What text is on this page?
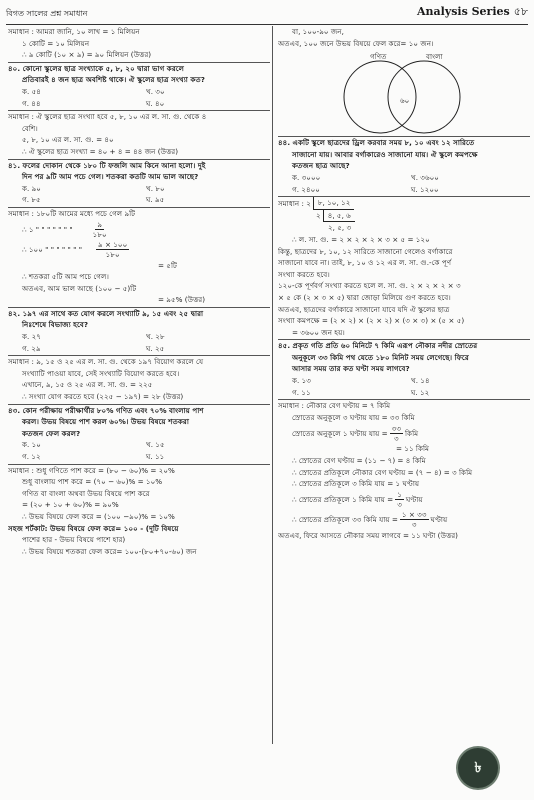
বিগত সালের প্রশ্ন সমাধান	Analysis Series ৫৮
সমাধান : আমরা জানি, ১০ লাখ = ১ মিলিয়ন
১ কোটি = ১০ মিলিয়ন
∴ ৯ কোটি (১০ × ৯) = ৯০ মিলিয়ন (উত্তর)
৪০. কোনো স্কুলের ছাত্র সংখ্যাকে ৫, ৮, ২০ দ্বারা ভাগ করলে
প্রতিবারই ৪ জন ছাত্র অবশিষ্ট থাকে। ঐ স্কুলের ছাত্র সংখ্যা কত?
ক. ৫৪	খ. ৩০
গ. ৪৪	ঘ. ৪০
সমাধান : ঐ স্কুলের ছাত্র সংখ্যা হবে ৫, ৮, ১০ এর ল. সা. গু. থেকে ৪
বেশি।
৫, ৮, ১০ এর ল. সা. গু. = ৪০
∴ ঐ স্কুলের ছাত্র সংখ্যা = ৪০ + ৪ = ৪৪ জন (উত্তর)
৪১. ফলের দোকান থেকে ১৮০ টি ফজলি আম কিনে আনা হলো। দুই
দিন পর ৯টি আম পচে গেল। শতকরা কতটি আম ভাল আছে?
ক. ৯০	খ. ৮০
গ. ৮৫	ঘ. ৯৫
সমাধান : ১৮০টি আমের মধ্যে পচে গেল ৯টি
∴ ১ " " " " " " "	$\frac{৯}{১৮০}$
∴ ১০০ " " " " " " " $\frac{৯ \times ১০০}{১৮০}$
= ৫টি
∴ শতকরা ৫টি আম পচে গেল।
অতএব, আম ভাল আছে (১০০ − ৫)টি
= ৯৫% (উত্তর)
৪২. ১৯৭ এর সাথে কত যোগ করলে সংখ্যাটি ৯, ১৫ এবং ২৫ দ্বারা
নিঃশেষে বিভাজ্য হবে?
ক. ২৭	খ. ২৮
গ. ২৯	ঘ. ২৫
সমাধান : ৯, ১৫ ও ২৫ এর ল. সা. গু. থেকে ১৯৭ বিয়োগ করলে যে
সংখ্যাটি পাওয়া যাবে, সেই সংখ্যাটি বিয়োগ করতে হবে।
এখানে, ৯, ১৫ ও ২৫ এর ল. সা. গু. = ২২৫
∴ সংখ্যা যোগ করতে হবে (২২৫ − ১৯৭) = ২৮ (উত্তর)
৪৩. কোন পরীক্ষায় পরীক্ষার্থীর ৮০% গণিত এবং ৭০% বাংলায় পাশ
করল। উভয় বিষয়ে পাশ করল ৬০%। উভয় বিষয়ে শতকরা
কতজন ফেল করল?
ক. ১০	খ. ১৫
গ. ১২	ঘ. ১১
সমাধান : শুধু গণিতে পাশ করে = (৮০ − ৬০)% = ২০%
শুধু বাংলায় পাশ করে = (৭০ − ৬০)% = ১০%
গণিত বা বাংলা অথবা উভয় বিষয়ে পাশ করে
= (২০ + ১০ + ৬০)% = ৯০%
∴ উভয় বিষয়ে ফেল করে = (১০০ −৯০)% = ১০%
সহজ শর্টকাট: উভয় বিষয়ে ফেল করে= ১০০ - (দুটি বিষয়ে
পাশের হার - উভয় বিষয়ে পাশে হার)
∴ উভয় বিষয়ে শতকরা ফেল করে= ১০০-(৮০+৭০-৬০) জন
বা, ১০০-৯০ জন,
অতএব, ১০০ জনে উভয় বিষয়ে ফেল করে= ১০ জন।
গণিত	বাংলা
৬০
৪৪. একটি স্কুলে ছাত্রদের ড্রিল করবার সময় ৮, ১০ এবং ১২ সারিতে
সাজানো যায়। আবার বর্গাকারেও সাজানো যায়। ঐ স্কুলে কমপক্ষে
কতজন ছাত্র আছে?
ক. ৩০০০	খ. ৩৬০০
গ. ২৪০০	ঘ. ১২০০
সমাধান : ২ ৮, ১০, ১২
২ ৪, ৫, ৬
২, ৫, ৩
∴ ল. সা. গু. = ২ × ২ × ২ × ৩ × ৫ = ১২০
কিন্তু, ছাত্রদের ৮, ১০, ১২ সারিতে সাজানো গেলেও বর্গাকারে
সাজানো যাবে না। তাই, ৮, ১০ ও ১২ এর ল. সা. গু.-কে পূর্ণ
সংখ্যা করতে হবে।
১২০-কে পূর্ণবর্গ সংখ্যা করতে হলে ল. সা. গু. ২ × ২ × ২ × ৩
× ৫ কে (২ × ৩ × ৫) দ্বারা জোড়া মিলিয়ে গুণ করতে হবে।
অতএব, ছাত্রদের বর্গাকারে সাজানো যাবে যদি ঐ স্কুলের ছাত্র
সংখ্যা কমপক্ষে = (২ × ২) × (২ × ২) × (৩ × ৩) × (৫ × ৫)
= ৩৬০০ জন হয়।
৪৫. প্রকৃত গতি প্রতি ৬০ মিনিটে ৭ কিমি এরূপ নৌকার নদীর স্রোতের
অনুকূলে ৩৩ কিমি পথ যেতে ১৮০ মিনিট সময় লেগেছে। ফিরে
আসার সময় তার কত ঘণ্টা সময় লাগবে?
ক. ১৩	খ. ১৪
গ. ১১	ঘ. ১২
সমাধান : নৌকার বেগ ঘণ্টায় = ৭ কিমি
স্রোতের অনুকূলে ৩ ঘণ্টায় যায় = ৩৩ কিমি
স্রোতের অনুকূলে ১ ঘণ্টায় যায় = $\frac{৩৩}{৩}$ কিমি
= ১১ কিমি
∴ স্রোতের বেগ ঘণ্টায় = (১১ − ৭) = ৪ কিমি
∴ স্রোতের প্রতিকূলে নৌকার বেগ ঘণ্টায় = (৭ − ৪) = ৩ কিমি
∴ স্রোতের প্রতিকূলে ৩ কিমি যায় = ১ ঘণ্টায়
∴ স্রোতের প্রতিকূলে ১ কিমি যায় = $\frac{১}{৩}$ ঘণ্টায়
∴ স্রোতের প্রতিকূলে ৩৩ কিমি যায় = $\frac{১ \times ৩৩}{৩}$ ঘণ্টায়
অতএব, ফিরে আসতে নৌকার সময় লাগবে = ১১ ঘণ্টা (উত্তর)
৳
